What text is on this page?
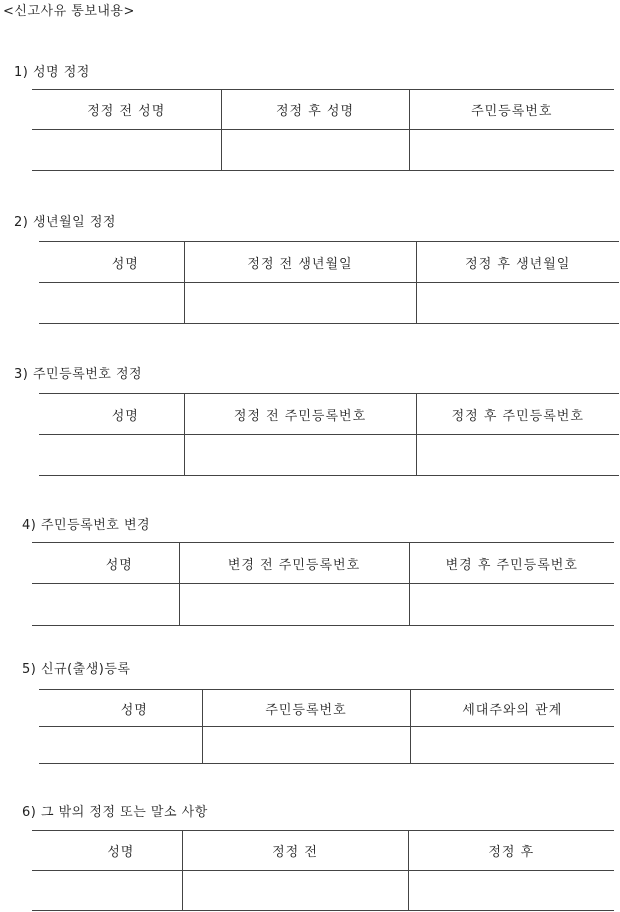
<신고사유 통보내용>
1) 성명 정정
정정 전 성명	정정 후 성명	주민등록번호

2) 생년월일 정정
성명	정정 전 생년월일	정정 후 생년월일

3) 주민등록번호 정정
성명	정정 전 주민등록번호	정정 후 주민등록번호

4) 주민등록번호 변경
성명	변경 전 주민등록번호	변경 후 주민등록번호

5) 신규(출생)등록
성명	주민등록번호	세대주와의 관계

6) 그 밖의 정정 또는 말소 사항
성명	정정 전	정정 후
